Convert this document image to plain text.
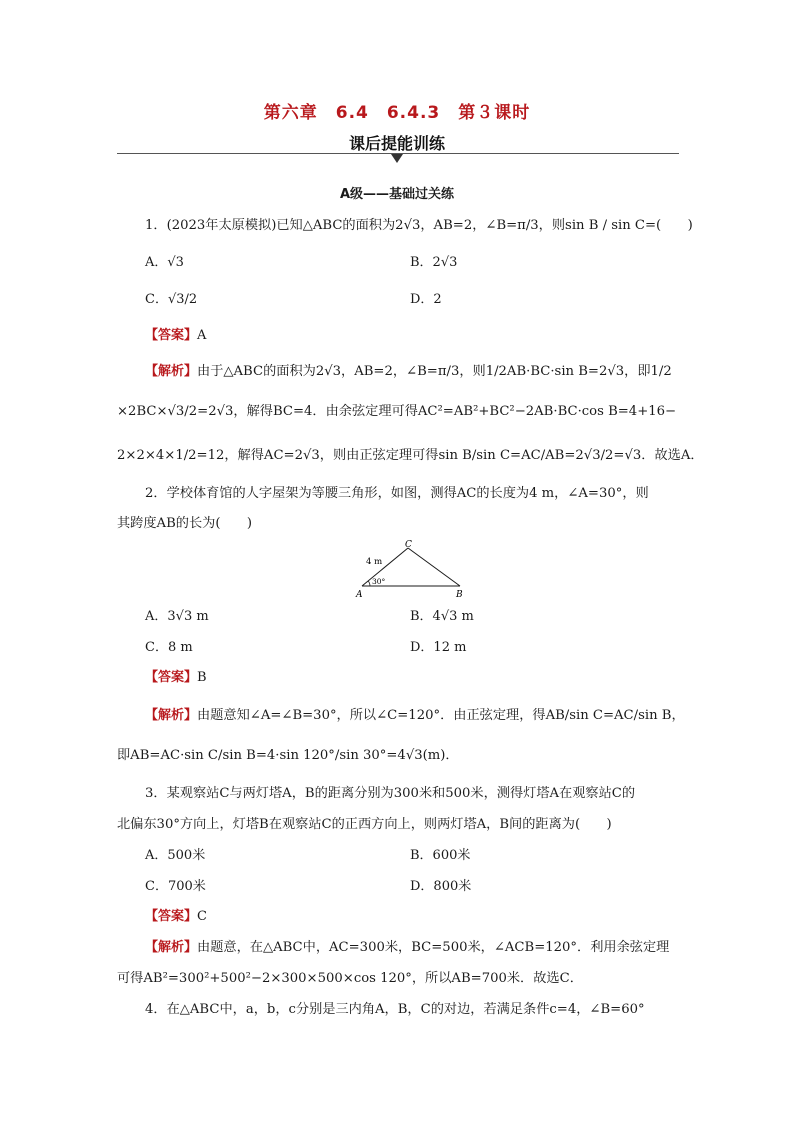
第六章　6.4　6.4.3　第３课时
课后提能训练
A级——基础过关练
1．(2023年太原模拟)已知△ABC的面积为2√3，AB=2，∠B=π/3，则sin B / sin C=(　　)
A．√3	B．2√3
C．√3/2	D．2
【答案】A
【解析】由于△ABC的面积为2√3，AB=2，∠B=π/3，则1/2AB·BC·sin B=2√3，即1/2
×2BC×√3/2=2√3，解得BC=4．由余弦定理可得AC²=AB²+BC²−2AB·BC·cos B=4+16−
2×2×4×1/2=12，解得AC=2√3，则由正弦定理可得sin B/sin C=AC/AB=2√3/2=√3．故选A．
2．学校体育馆的人字屋架为等腰三角形，如图，测得AC的长度为4 m，∠A=30°，则
其跨度AB的长为(　　)
C
A	B
4 m
30°
A．3√3 m	B．4√3 m
C．8 m	D．12 m
【答案】B
【解析】由题意知∠A=∠B=30°，所以∠C=120°．由正弦定理，得AB/sin C=AC/sin B，
即AB=AC·sin C/sin B=4·sin 120°/sin 30°=4√3(m)．
3．某观察站C与两灯塔A，B的距离分别为300米和500米，测得灯塔A在观察站C的
北偏东30°方向上，灯塔B在观察站C的正西方向上，则两灯塔A，B间的距离为(　　)
A．500米	B．600米
C．700米	D．800米
【答案】C
【解析】由题意，在△ABC中，AC=300米，BC=500米，∠ACB=120°．利用余弦定理
可得AB²=300²+500²−2×300×500×cos 120°，所以AB=700米．故选C．
4．在△ABC中，a，b，c分别是三内角A，B，C的对边，若满足条件c=4，∠B=60°
